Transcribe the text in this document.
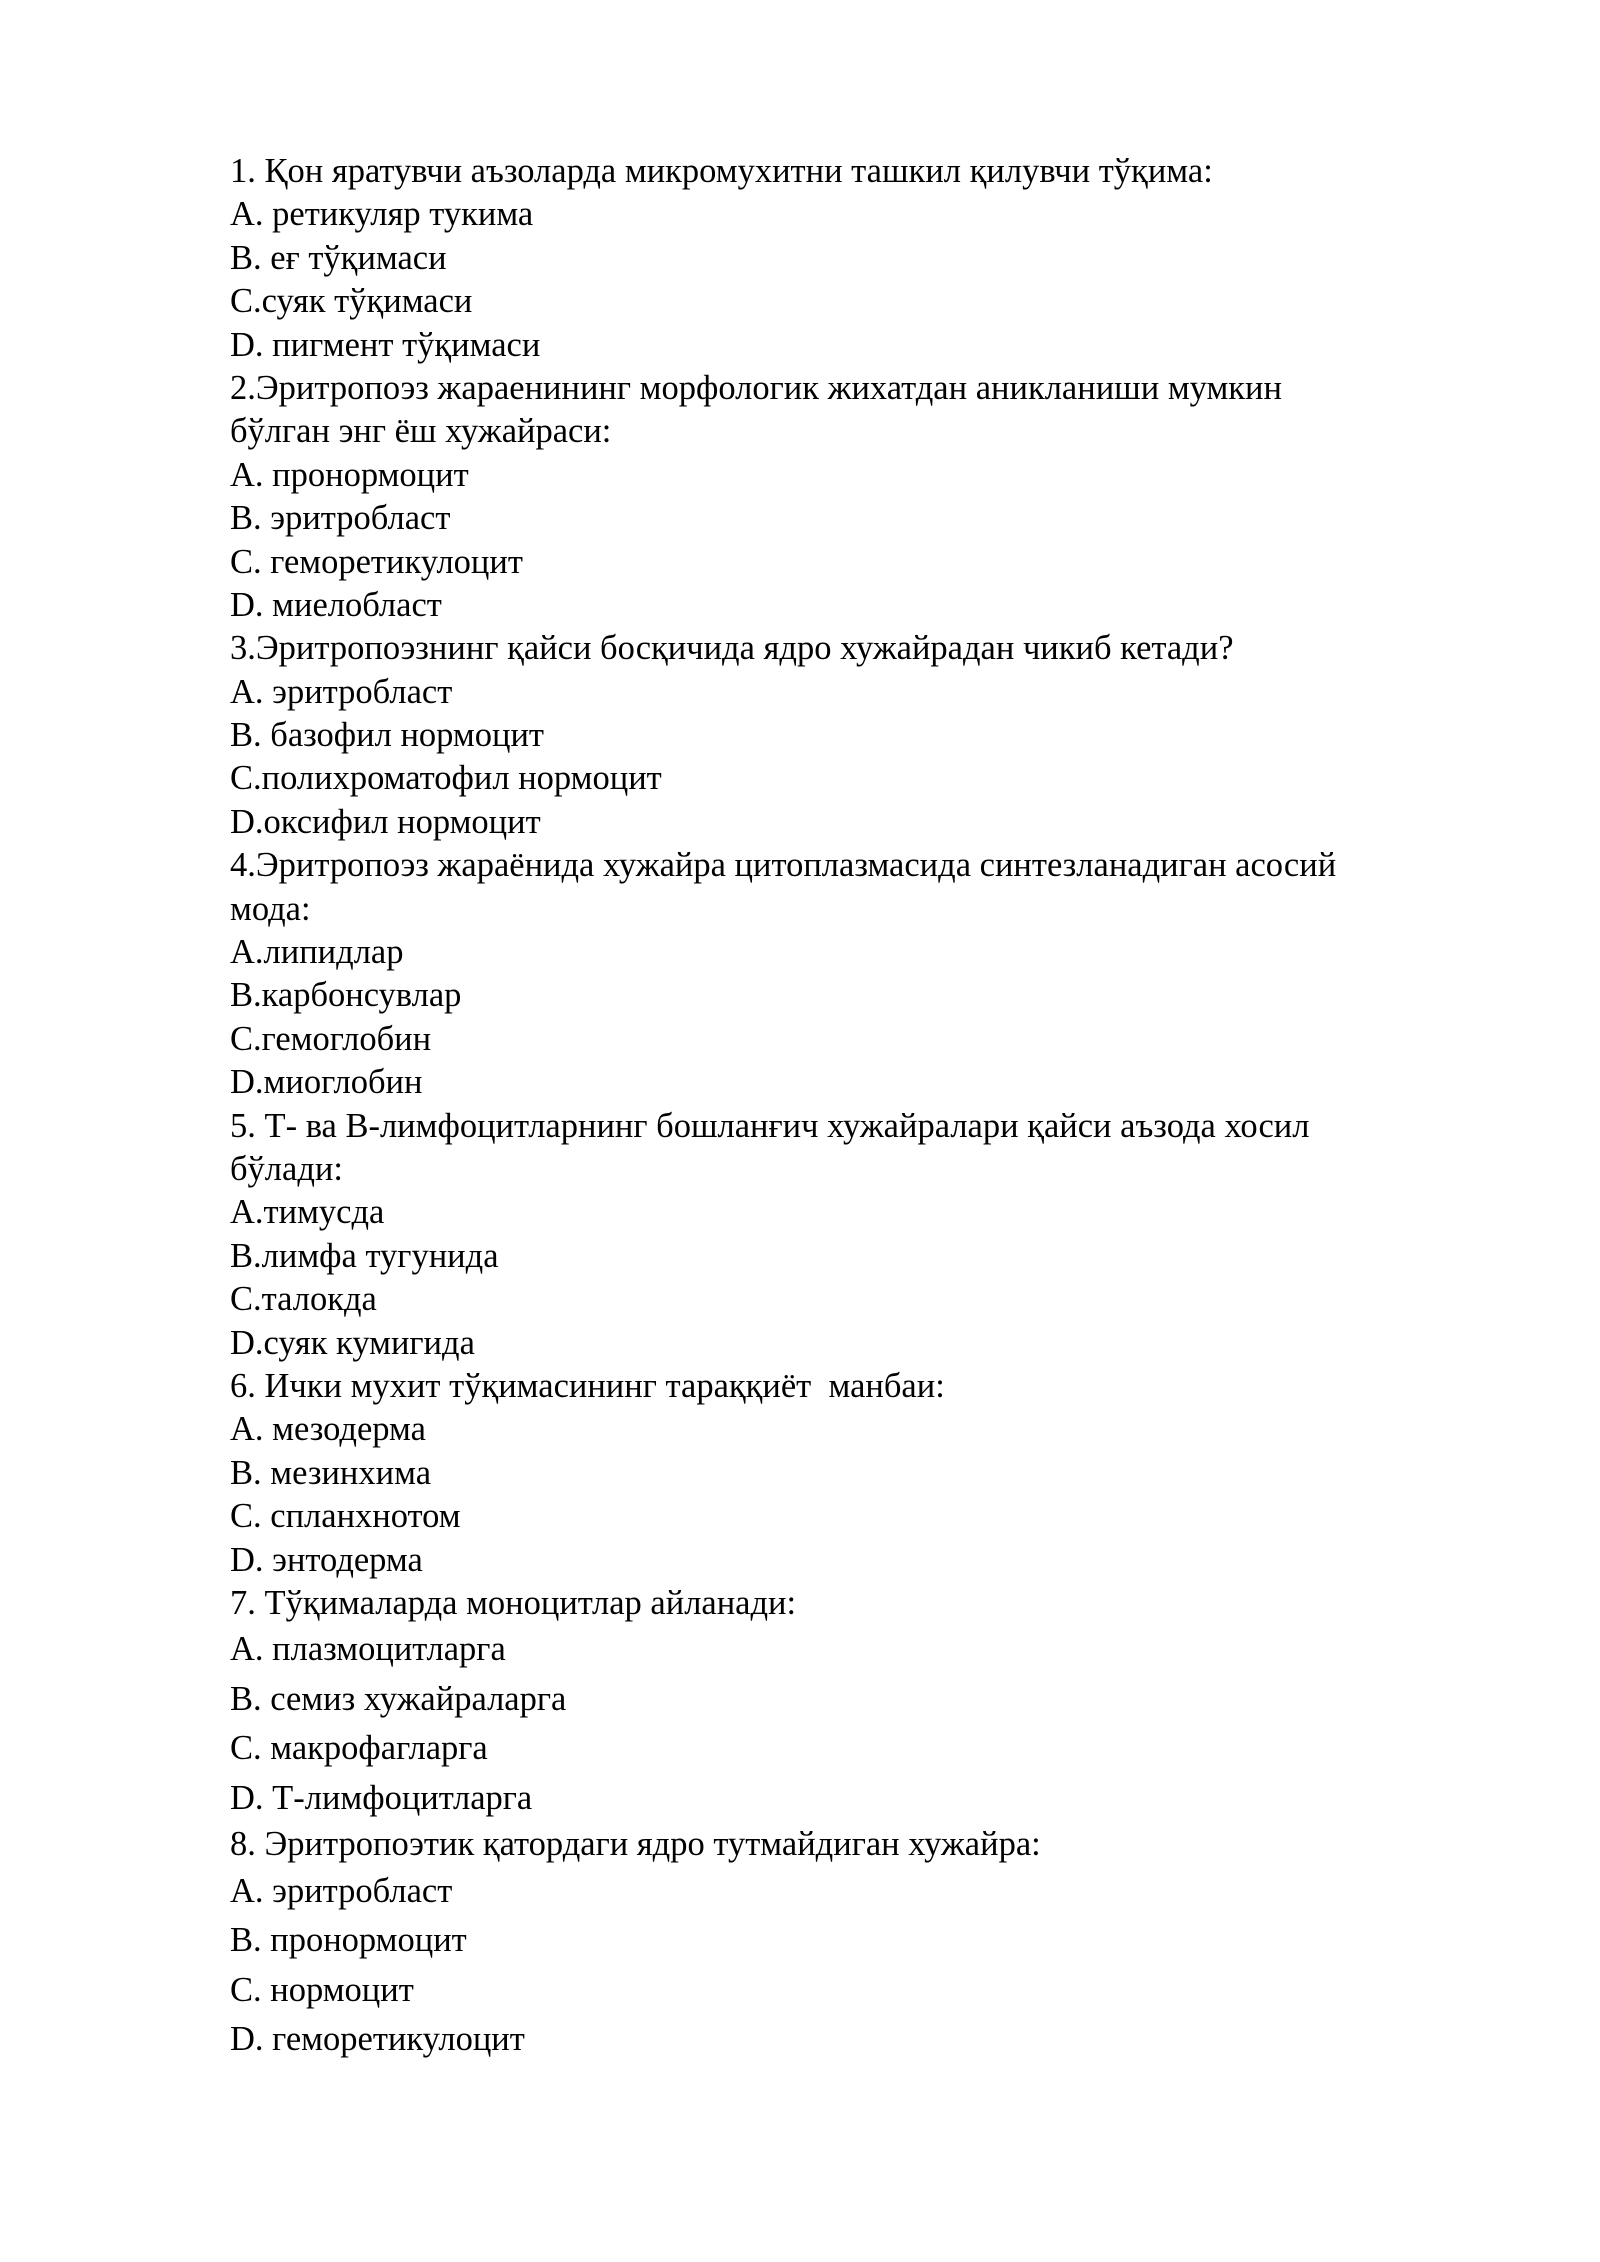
1. Қон яратувчи аъзоларда микромухитни ташкил қилувчи тўқима:
A. ретикуляр тукима
B. еғ тўқимаси
C.суяк тўқимаси
D. пигмент тўқимаси
2.Эритропоэз жараенининг морфологик жихатдан аникланиши мумкин
бўлган энг ёш хужайраси:
A. пронормоцит
B. эритробласт
C. геморетикулоцит
D. миелобласт
3.Эритропоэзнинг қайси босқичида ядро хужайрадан чикиб кетади?
A. эритробласт
B. базофил нормоцит
C.полихроматофил нормоцит
D.оксифил нормоцит
4.Эритропоэз жараёнида хужайра цитоплазмасида синтезланадиган асосий
мода:
A.липидлар
B.карбонсувлар
C.гемоглобин
D.миоглобин
5. Т- ва В-лимфоцитларнинг бошланғич хужайралари қайси аъзода хосил
бўлади:
A.тимусда
B.лимфа тугунида
C.талокда
D.суяк кумигида
6. Ички мухит тўқимасининг тараққиёт  манбаи:
A. мезодерма
B. мезинхима
C. спланхнотом
D. энтодерма
7. Тўқималарда моноцитлар айланади:
A. плазмоцитларга
B. семиз хужайраларга
C. макрофагларга
D. Т-лимфоцитларга
8. Эритропоэтик қатордаги ядро тутмайдиган хужайра:
A. эритробласт
B. пронормоцит
C. нормоцит
D. геморетикулоцит
